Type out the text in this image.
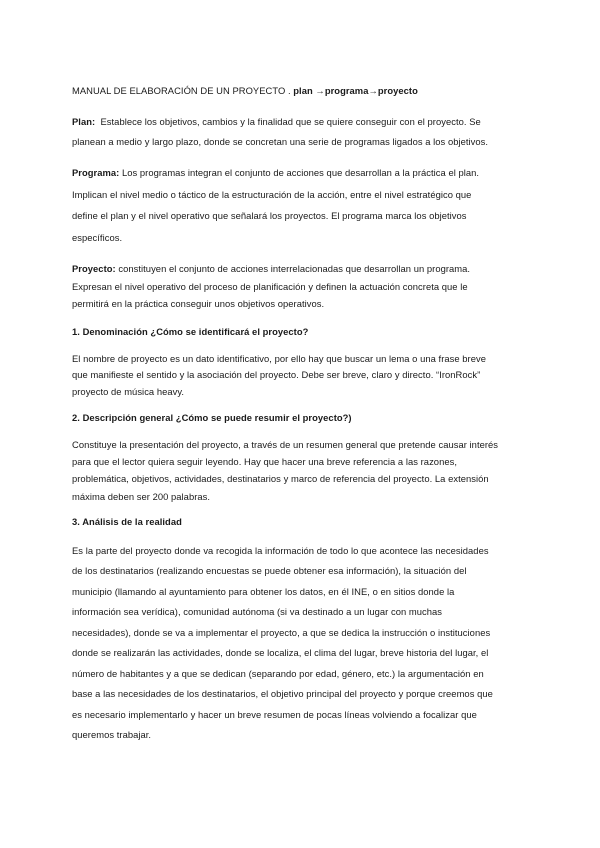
MANUAL DE ELABORACIÓN DE UN PROYECTO . plan →programa→proyecto
Plan: Establece los objetivos, cambios y la finalidad que se quiere conseguir con el proyecto. Se
planean a medio y largo plazo, donde se concretan una serie de programas ligados a los objetivos.
Programa: Los programas integran el conjunto de acciones que desarrollan a la práctica el plan.
Implican el nivel medio o táctico de la estructuración de la acción, entre el nivel estratégico que
define el plan y el nivel operativo que señalará los proyectos. El programa marca los objetivos
específicos.
Proyecto: constituyen el conjunto de acciones interrelacionadas que desarrollan un programa.
Expresan el nivel operativo del proceso de planificación y definen la actuación concreta que le
permitirá en la práctica conseguir unos objetivos operativos.
1. Denominación ¿Cómo se identificará el proyecto?
El nombre de proyecto es un dato identificativo, por ello hay que buscar un lema o una frase breve
que manifieste el sentido y la asociación del proyecto. Debe ser breve, claro y directo. “IronRock”
proyecto de música heavy.
2. Descripción general ¿Cómo se puede resumir el proyecto?)
Constituye la presentación del proyecto, a través de un resumen general que pretende causar interés
para que el lector quiera seguir leyendo. Hay que hacer una breve referencia a las razones,
problemática, objetivos, actividades, destinatarios y marco de referencia del proyecto. La extensión
máxima deben ser 200 palabras.
3. Análisis de la realidad
Es la parte del proyecto donde va recogida la información de todo lo que acontece las necesidades
de los destinatarios (realizando encuestas se puede obtener esa información), la situación del
municipio (llamando al ayuntamiento para obtener los datos, en él INE, o en sitios donde la
información sea verídica), comunidad autónoma (si va destinado a un lugar con muchas
necesidades), donde se va a implementar el proyecto, a que se dedica la instrucción o instituciones
donde se realizarán las actividades, donde se localiza, el clima del lugar, breve historia del lugar, el
número de habitantes y a que se dedican (separando por edad, género, etc.) la argumentación en
base a las necesidades de los destinatarios, el objetivo principal del proyecto y porque creemos que
es necesario implementarlo y hacer un breve resumen de pocas líneas volviendo a focalizar que
queremos trabajar.
